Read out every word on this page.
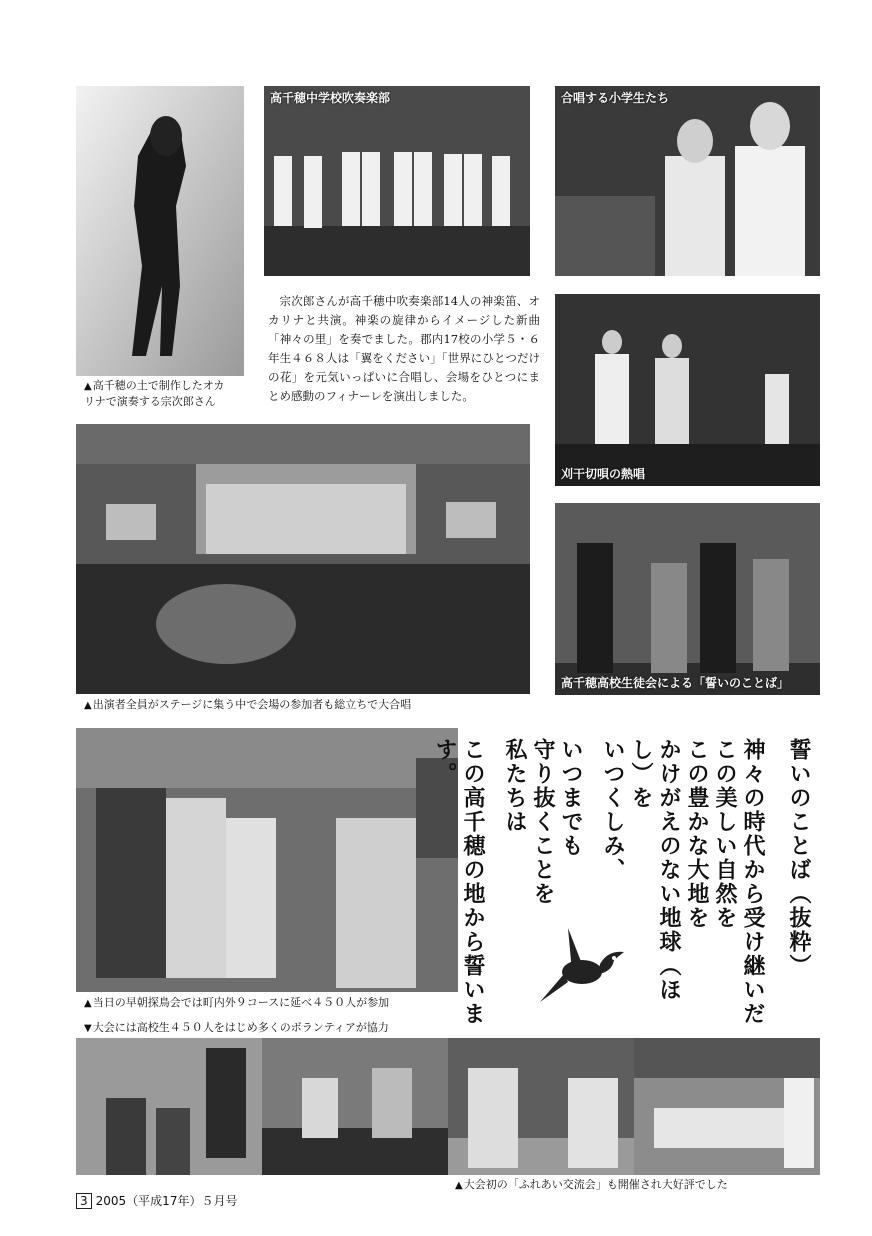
▲高千穂の土で制作したオカ
リナで演奏する宗次郎さん
高千穂中学校吹奏楽部	合唱する小学生たち
宗次郎さんが高千穂中吹奏楽部14人の神楽笛、オカリナと共演。神楽の旋律からイメージした新曲「神々の里」を奏でました。郡内17校の小学５・６年生４６８人は「翼をください」「世界にひとつだけの花」を元気いっぱいに合唱し、会場をひとつにまとめ感動のフィナーレを演出しました。
刈干切唄の熱唱
▲出演者全員がステージに集う中で会場の参加者も総立ちで大合唱
高千穂高校生徒会による「誓いのことば」
▲当日の早朝探鳥会では町内外９コースに延べ４５０人が参加
▼大会には高校生４５０人をはじめ多くのボランティアが協力
▲大会初の「ふれあい交流会」も開催され大好評でした
誓いのことば（抜粋）
神々の時代から受け継いだ
この美しい自然を
この豊かな大地を
かけがえのない地球（ほし）を
いつくしみ、
いつまでも
守り抜くことを
私たちは
この高千穂の地から誓います。
3 2005（平成17年）５月号
